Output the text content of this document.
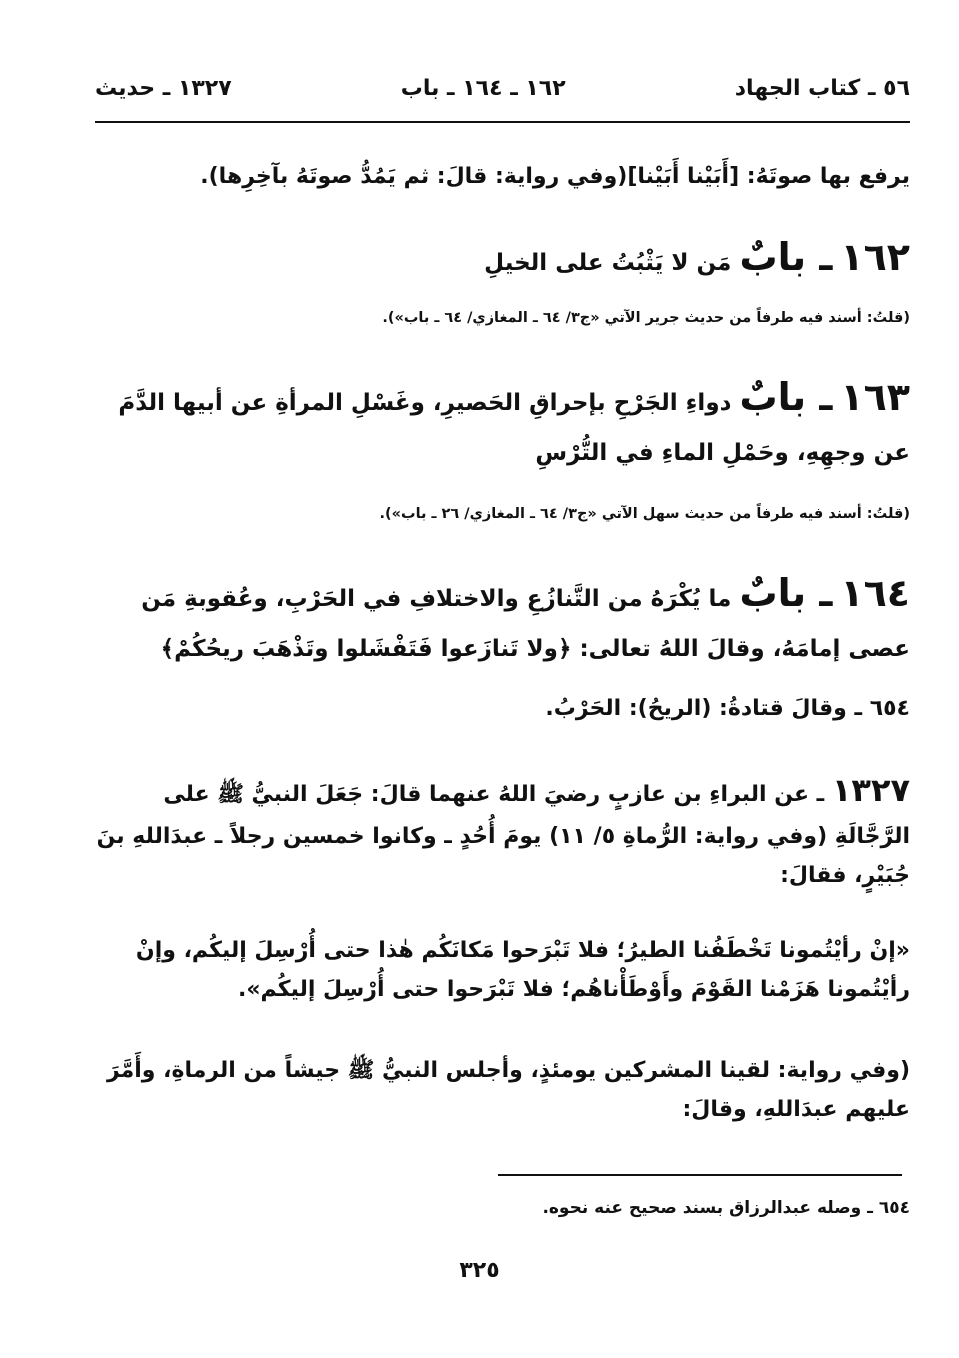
٥٦ ـ كتاب الجهاد
١٦٢ ـ ١٦٤ ـ باب
١٣٢٧ ـ حديث
يرفع بها صوتَهُ: [أَبَيْنا أَبَيْنا](وفي رواية: قالَ: ثم يَمُدُّ صوتَهُ بآخِرِها).
١٦٢ ـ بابٌ مَن لا يَثْبُتُ على الخيلِ
(قلتُ: أسند فيه طرفاً من حديث جرير الآتي «ج٣/ ٦٤ ـ المغازي/ ٦٤ ـ باب»).
١٦٣ ـ بابٌ دواءِ الجَرْحِ بإحراقِ الحَصيرِ، وغَسْلِ المرأةِ عن أبيها الدَّمَ عن وجهِهِ، وحَمْلِ الماءِ في التُّرْسِ
(قلتُ: أسند فيه طرفاً من حديث سهل الآتي «ج٣/ ٦٤ ـ المغازي/ ٢٦ ـ باب»).
١٦٤ ـ بابٌ ما يُكْرَهُ من التَّنازُعِ والاختلافِ في الحَرْبِ، وعُقوبةِ مَن عصى إمامَهُ، وقالَ اللهُ تعالى: ﴿ولا تَنازَعوا فَتَفْشَلوا وتَذْهَبَ ريحُكُمْ﴾
٦٥٤ ـ وقالَ قتادةُ: (الريحُ): الحَرْبُ.
١٣٢٧ ـ عن البراءِ بن عازبٍ رضيَ اللهُ عنهما قالَ: جَعَلَ النبيُّ ﷺ على الرَّجَّالَةِ (وفي رواية: الرُّماةِ ٥/ ١١) يومَ أُحُدٍ ـ وكانوا خمسين رجلاً ـ عبدَاللهِ بنَ جُبَيْرٍ، فقالَ:
«إنْ رأيْتُمونا تَخْطَفُنا الطيرُ؛ فلا تَبْرَحوا مَكانَكُم هٰذا حتى أُرْسِلَ إليكُم، وإنْ رأيْتُمونا هَزَمْنا القَوْمَ وأَوْطَأْناهُم؛ فلا تَبْرَحوا حتى أُرْسِلَ إليكُم».
(وفي رواية: لقينا المشركين يومئذٍ، وأجلس النبيُّ ﷺ جيشاً من الرماةِ، وأَمَّرَ عليهم عبدَاللهِ، وقالَ:
٦٥٤ ـ وصله عبدالرزاق بسند صحيح عنه نحوه.
٣٢٥
